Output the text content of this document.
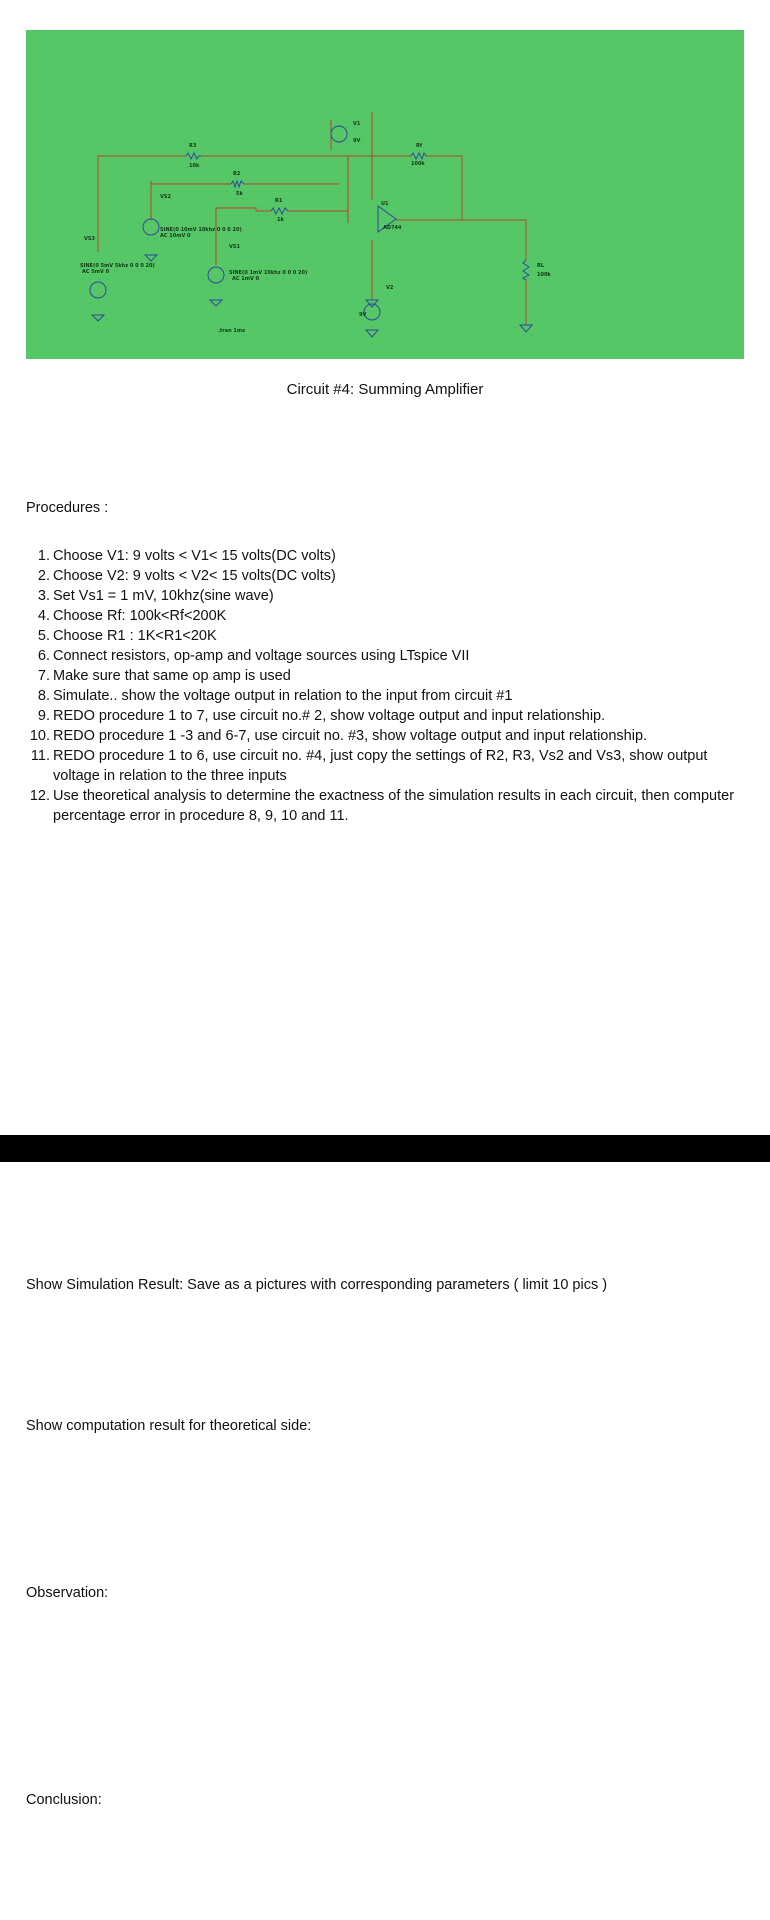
V1
9V
R3
10k
R2
5k
R1
1k
Rf
100k
U1
AD744
VS2
SINE(0 10mV 10khz 0 0 0 20)
AC 10mV 0
VS3
SINE(0 5mV 5khz 0 0 0 20)
AC 5mV 0
VS1
SINE(0 1mV 10khz 0 0 0 20)
AC 1mV 0
V2
9V
RL
100k
.tran 1ms
Circuit #4: Summing Amplifier

Procedures :

1. Choose V1: 9 volts < V1< 15 volts(DC volts)
2. Choose V2: 9 volts < V2< 15 volts(DC volts)
3. Set Vs1 = 1 mV, 10khz(sine wave)
4. Choose Rf: 100k<Rf<200K
5. Choose R1 : 1K<R1<20K
6. Connect resistors, op-amp and voltage sources using LTspice VII
7. Make sure that same op amp is used
8. Simulate.. show the voltage output in relation to the input from circuit #1
9. REDO procedure 1 to 7, use circuit no.# 2, show voltage output and input relationship.
10. REDO procedure 1 -3 and 6-7, use circuit no. #3, show voltage output and input relationship.
11. REDO procedure 1 to 6, use circuit no. #4, just copy the settings of R2, R3, Vs2 and Vs3, show output voltage in relation to the three inputs
12. Use theoretical analysis to determine the exactness of the simulation results in each circuit, then computer percentage error in procedure 8, 9, 10 and 11.

Show Simulation Result: Save as a pictures with corresponding parameters ( limit 10 pics )

Show computation result for theoretical side:

Observation:

Conclusion:
